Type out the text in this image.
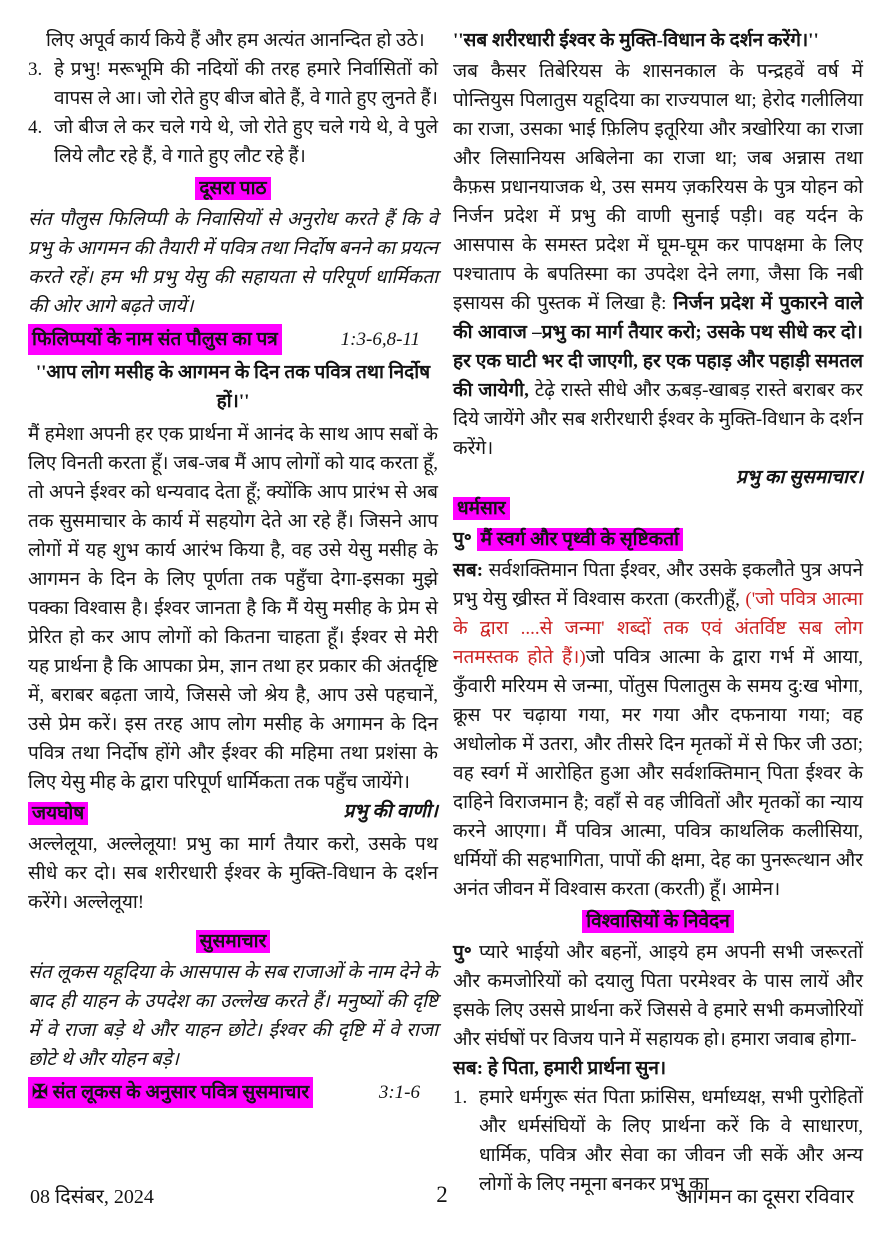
लिए अपूर्व कार्य किये हैं और हम अत्यंत आनन्दित हो उठे।

3. हे प्रभु! मरूभूमि की नदियों की तरह हमारे निर्वासितों को वापस ले आ। जो रोते हुए बीज बोते हैं, वे गाते हुए लुनते हैं।
4. जो बीज ले कर चले गये थे, जो रोते हुए चले गये थे, वे पुले लिये लौट रहे हैं, वे गाते हुए लौट रहे हैं।
दूसरा पाठ

संत पौलुस फिलिप्पी के निवासियों से अनुरोध करते हैं कि वे प्रभु के आगमन की तैयारी में पवित्र तथा निर्दोष बनने का प्रयत्न करते रहें। हम भी प्रभु येसु की सहायता से परिपूर्ण धार्मिकता की ओर आगे बढ़ते जायें।

फिलिप्पयों के नाम संत पौलुस का पत्र	1:3-6,8-11

''आप लोग मसीह के आगमन के दिन तक पवित्र तथा निर्दोष हों।''

मैं हमेशा अपनी हर एक प्रार्थना में आनंद के साथ आप सबों के लिए विनती करता हूँ। जब-जब मैं आप लोगों को याद करता हूँ, तो अपने ईश्वर को धन्यवाद देता हूँ; क्योंकि आप प्रारंभ से अब तक सुसमाचार के कार्य में सहयोग देते आ रहे हैं। जिसने आप लोगों में यह शुभ कार्य आरंभ किया है, वह उसे येसु मसीह के आगमन के दिन के लिए पूर्णता तक पहुँचा देगा-इसका मुझे पक्का विश्वास है। ईश्वर जानता है कि मैं येसु मसीह के प्रेम से प्रेरित हो कर आप लोगों को कितना चाहता हूँ। ईश्वर से मेरी यह प्रार्थना है कि आपका प्रेम, ज्ञान तथा हर प्रकार की अंतर्दृष्टि में, बराबर बढ़ता जाये, जिससे जो श्रेय है, आप उसे पहचानें, उसे प्रेम करें। इस तरह आप लोग मसीह के अगामन के दिन पवित्र तथा निर्दोष होंगे और ईश्वर की महिमा तथा प्रशंसा के लिए येसु मीह के द्वारा परिपूर्ण धार्मिकता तक पहुँच जायेंगे।
प्रभु की वाणी।

जयघोष

अल्लेलूया, अल्लेलूया! प्रभु का मार्ग तैयार करो, उसके पथ सीधे कर दो। सब शरीरधारी ईश्वर के मुक्ति-विधान के दर्शन करेंगे। अल्लेलूया!

सुसमाचार

संत लूकस यहूदिया के आसपास के सब राजाओं के नाम देने के बाद ही याहन के उपदेश का उल्लेख करते हैं। मनुष्यों की दृष्टि में वे राजा बड़े थे और याहन छोटे। ईश्वर की दृष्टि में वे राजा छोटे थे और योहन बड़े।

✠ संत लूकस के अनुसार पवित्र सुसमाचार	3:1-6

''सब शरीरधारी ईश्वर के मुक्ति-विधान के दर्शन करेंगे।''

जब कैसर तिबेरियस के शासनकाल के पन्द्रहवें वर्ष में पोन्तियुस पिलातुस यहूदिया का राज्यपाल था; हेरोद गलीलिया का राजा, उसका भाई फ़िलिप इतूरिया और त्रखोरिया का राजा और लिसानियस अबिलेना का राजा था; जब अन्नास तथा कैफ़स प्रधानयाजक थे, उस समय ज़करियस के पुत्र योहन को निर्जन प्रदेश में प्रभु की वाणी सुनाई पड़ी। वह यर्दन के आसपास के समस्त प्रदेश में घूम-घूम कर पापक्षमा के लिए पश्चाताप के बपतिस्मा का उपदेश देने लगा, जैसा कि नबी इसायस की पुस्तक में लिखा है: निर्जन प्रदेश में पुकारने वाले की आवाज –प्रभु का मार्ग तैयार करो; उसके पथ सीधे कर दो। हर एक घाटी भर दी जाएगी, हर एक पहाड़ और पहाड़ी समतल की जायेगी, टेढ़े रास्ते सीधे और ऊबड़-खाबड़ रास्ते बराबर कर दिये जायेंगे और सब शरीरधारी ईश्वर के मुक्ति-विधान के दर्शन करेंगे।

प्रभु का सुसमाचार।
धर्मसार
पु॰ मैं स्वर्ग और पृथ्वी के सृष्टिकर्ता

सब: सर्वशक्तिमान पिता ईश्वर, और उसके इकलौते पुत्र अपने प्रभु येसु ख्रीस्त में विश्वास करता (करती)हूँ, ('जो पवित्र आत्मा के द्वारा ....से जन्मा' शब्दों तक एवं अंतर्विष्ट सब लोग नतमस्तक होते हैं।)जो पवित्र आत्मा के द्वारा गर्भ में आया, कुँवारी मरियम से जन्मा, पोंतुस पिलातुस के समय दु:ख भोगा, क्रूस पर चढ़ाया गया, मर गया और दफनाया गया; वह अधोलोक में उतरा, और तीसरे दिन मृतकों में से फिर जी उठा; वह स्वर्ग में आरोहित हुआ और सर्वशक्तिमान् पिता ईश्वर के दाहिने विराजमान है; वहाँ से वह जीवितों और मृतकों का न्याय करने आएगा। मैं पवित्र आत्मा, पवित्र काथलिक कलीसिया, धर्मियों की सहभागिता, पापों की क्षमा, देह का पुनरूत्थान और अनंत जीवन में विश्वास करता (करती) हूँ। आमेन।

विश्वासियों के निवेदन

पु॰ प्यारे भाईयो और बहनों, आइये हम अपनी सभी जरूरतों और कमजोरियों को दयालु पिता परमेश्वर के पास लायें और इसके लिए उससे प्रार्थना करें जिससे वे हमारे सभी कमजोरियों और संर्घषों पर विजय पाने में सहायक हो। हमारा जवाब होगा-

सब: हे पिता, हमारी प्रार्थना सुन।

1. हमारे धर्मगुरू संत पिता फ्रांसिस, धर्माध्यक्ष, सभी पुरोहितों और धर्मसंघियों के लिए प्रार्थना करें कि वे साधारण, धार्मिक, पवित्र और सेवा का जीवन जी सकें और अन्य लोगों के लिए नमूना बनकर प्रभु का
08 दिसंबर, 2024	2	आगमन का दूसरा रविवार
